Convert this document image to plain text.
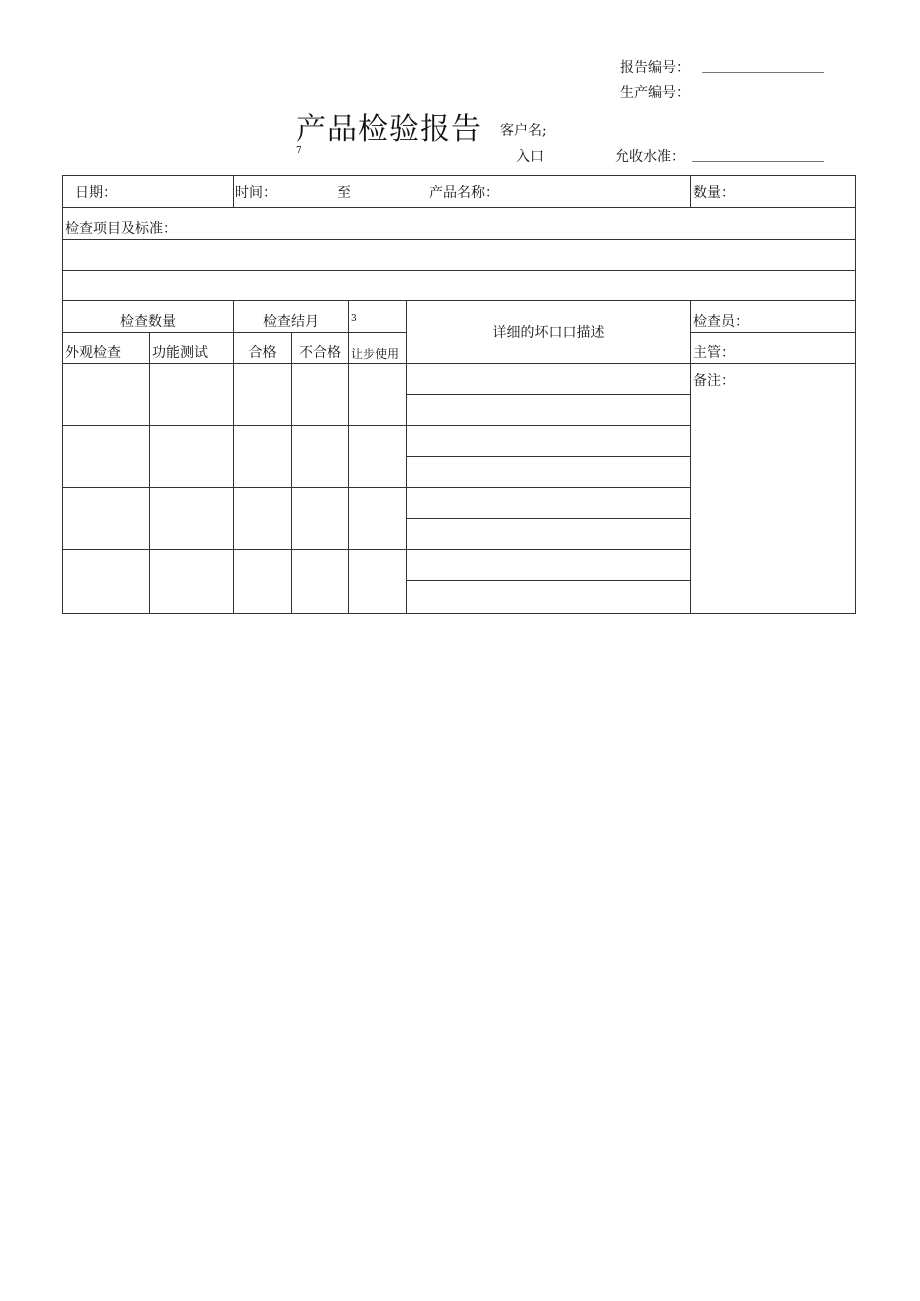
报告编号：
生产编号：
产品检验报告 客户名;
7	入口	允收水准：
日期： 时间： 至 产品名称：						数量：
检查项目及标准：						

检查数量		检查结月		$^3$	详细的坏口口描述	检查员：
外观检查	功能测试	合格	不合格	让步使用		主管：
						备注：
